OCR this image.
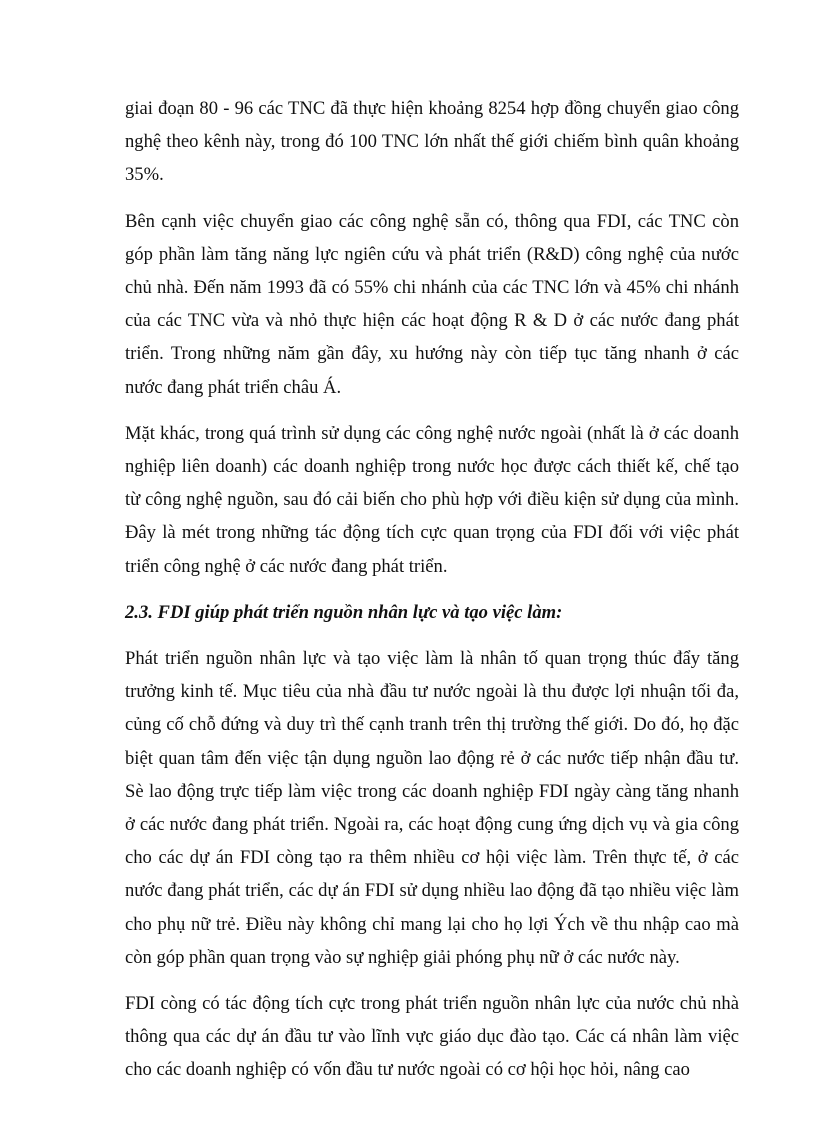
giai đoạn 80 - 96 các TNC đã thực hiện khoảng 8254 hợp đồng chuyển giao công nghệ theo kênh này, trong đó 100 TNC lớn nhất thế giới chiếm bình quân khoảng 35%.

Bên cạnh việc chuyển giao các công nghệ sẵn có, thông qua FDI, các TNC còn góp phần làm tăng năng lực ngiên cứu và phát triển (R&D) công nghệ của nước chủ nhà. Đến năm 1993 đã có 55% chi nhánh của các TNC lớn và 45% chi nhánh của các TNC vừa và nhỏ thực hiện các hoạt động R & D ở các nước đang phát triển. Trong những năm gần đây, xu hướng này còn tiếp tục tăng nhanh ở các nước đang phát triển châu Á.

Mặt khác, trong quá trình sử dụng các công nghệ nước ngoài (nhất là ở các doanh nghiệp liên doanh) các doanh nghiệp trong nước học được cách thiết kế, chế tạo từ công nghệ nguồn, sau đó cải biến cho phù hợp với điều kiện sử dụng của mình. Đây là mét trong những tác động tích cực quan trọng của FDI đối với việc phát triển công nghệ ở các nước đang phát triển.

2.3. FDI giúp phát triển nguồn nhân lực và tạo việc làm:

Phát triển nguồn nhân lực và tạo việc làm là nhân tố quan trọng thúc đẩy tăng trưởng kinh tế. Mục tiêu của nhà đầu tư nước ngoài là thu được lợi nhuận tối đa, củng cố chỗ đứng và duy trì thế cạnh tranh trên thị trường thế giới. Do đó, họ đặc biệt quan tâm đến việc tận dụng nguồn lao động rẻ ở các nước tiếp nhận đầu tư. Sè lao động trực tiếp làm việc trong các doanh nghiệp FDI ngày càng tăng nhanh ở các nước đang phát triển. Ngoài ra, các hoạt động cung ứng dịch vụ và gia công cho các dự án FDI còng tạo ra thêm nhiều cơ hội việc làm. Trên thực tế, ở các nước đang phát triển, các dự án FDI sử dụng nhiều lao động đã tạo nhiều việc làm cho phụ nữ trẻ. Điều này không chỉ mang lại cho họ lợi Ých về thu nhập cao mà còn góp phần quan trọng vào sự nghiệp giải phóng phụ nữ ở các nước này.

FDI còng có tác động tích cực trong phát triển nguồn nhân lực của nước chủ nhà thông qua các dự án đầu tư vào lĩnh vực giáo dục đào tạo. Các cá nhân làm việc cho các doanh nghiệp có vốn đầu tư nước ngoài có cơ hội học hỏi, nâng cao
